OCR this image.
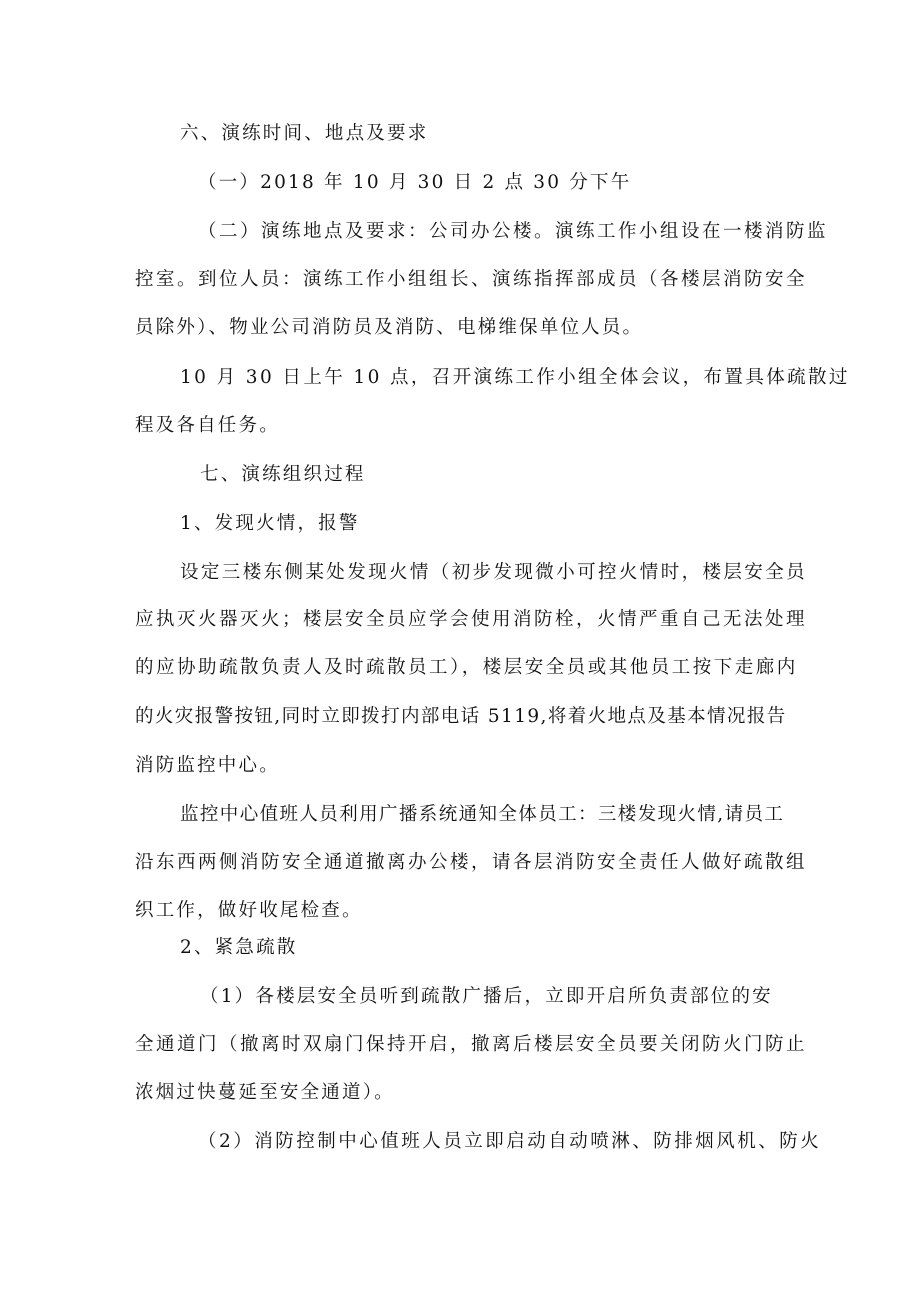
六、演练时间、地点及要求
（一）2018 年 10 月 30 日 2 点 30 分下午
（二）演练地点及要求：公司办公楼。演练工作小组设在一楼消防监
控室。到位人员：演练工作小组组长、演练指挥部成员（各楼层消防安全
员除外）、物业公司消防员及消防、电梯维保单位人员。
10 月 30 日上午 10 点，召开演练工作小组全体会议，布置具体疏散过
程及各自任务。
七、演练组织过程
1、发现火情，报警
设定三楼东侧某处发现火情（初步发现微小可控火情时，楼层安全员
应执灭火器灭火；楼层安全员应学会使用消防栓，火情严重自己无法处理
的应协助疏散负责人及时疏散员工），楼层安全员或其他员工按下走廊内
的火灾报警按钮,同时立即拨打内部电话 5119,将着火地点及基本情况报告
消防监控中心。
监控中心值班人员利用广播系统通知全体员工：三楼发现火情,请员工
沿东西两侧消防安全通道撤离办公楼，请各层消防安全责任人做好疏散组
织工作，做好收尾检查。
2、紧急疏散
（1）各楼层安全员听到疏散广播后，立即开启所负责部位的安
全通道门（撤离时双扇门保持开启，撤离后楼层安全员要关闭防火门防止
浓烟过快蔓延至安全通道）。
（2）消防控制中心值班人员立即启动自动喷淋、防排烟风机、防火
